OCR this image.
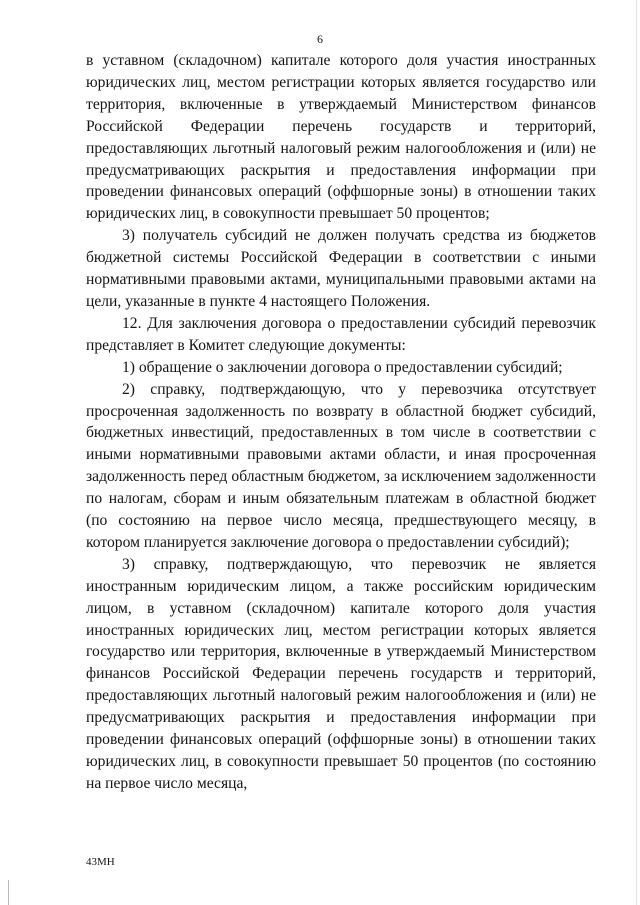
6

в уставном (складочном) капитале которого доля участия иностранных юридических лиц, местом регистрации которых является государство или территория, включенные в утверждаемый Министерством финансов Российской Федерации перечень государств и территорий, предоставляющих льготный налоговый режим налогообложения и (или) не предусматривающих раскрытия и предоставления информации при проведении финансовых операций (оффшорные зоны) в отношении таких юридических лиц, в совокупности превышает 50 процентов;

3) получатель субсидий не должен получать средства из бюджетов бюджетной системы Российской Федерации в соответствии с иными нормативными правовыми актами, муниципальными правовыми актами на цели, указанные в пункте 4 настоящего Положения.

12. Для заключения договора о предоставлении субсидий перевозчик представляет в Комитет следующие документы:

1) обращение о заключении договора о предоставлении субсидий;

2) справку, подтверждающую, что у перевозчика отсутствует просроченная задолженность по возврату в областной бюджет субсидий, бюджетных инвестиций, предоставленных в том числе в соответствии с иными нормативными правовыми актами области, и иная просроченная задолженность перед областным бюджетом, за исключением задолженности по налогам, сборам и иным обязательным платежам в областной бюджет (по состоянию на первое число месяца, предшествующего месяцу, в котором планируется заключение договора о предоставлении субсидий);

3) справку, подтверждающую, что перевозчик не является иностранным юридическим лицом, а также российским юридическим лицом, в уставном (складочном) капитале которого доля участия иностранных юридических лиц, местом регистрации которых является государство или территория, включенные в утверждаемый Министерством финансов Российской Федерации перечень государств и территорий, предоставляющих льготный налоговый режим налогообложения и (или) не предусматривающих раскрытия и предоставления информации при проведении финансовых операций (оффшорные зоны) в отношении таких юридических лиц, в совокупности превышает 50 процентов (по состоянию на первое число месяца,

43МН
